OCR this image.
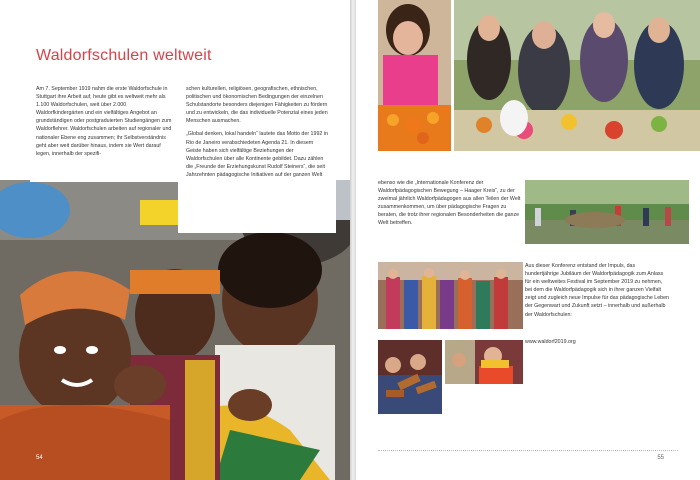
Waldorfschulen weltweit

Am 7. September 1919 nahm die erste Waldorfschule in Stuttgart ihre Arbeit auf, heute gibt es weltweit mehr als 1.100 Waldorfschulen, weit über 2.000 Waldorfkindergärten und ein vielfältiges Angebot an grundständigen oder postgraduierten Studiengängen zum Waldorflehrer. Waldorfschulen arbeiten auf regionaler und nationaler Ebene eng zusammen; ihr Selbstverständnis geht aber weit darüber hinaus, indem sie Wert darauf legen, innerhalb der spezifi-

schen kulturellen, religiösen, geografischen, ethnischen, politischen und ökonomischen Bedingungen der einzelnen Schulstandorte besonders diejenigen Fähigkeiten zu fördern und zu entwickeln, die das individuelle Potenzial eines jeden Menschen ausmachen.

„Global denken, lokal handeln“ lautete das Motto der 1992 in Rio de Janeiro verabschiedeten Agenda 21. In diesem Geiste haben sich vielfältige Beziehungen der Waldorfschulen über alle Kontinente gebildet. Dazu zählen die „Freunde der Erziehungskunst Rudolf Steiners“, die seit Jahrzehnten pädagogische Initiativen auf der ganzen Welt

54

ebenso wie die „Internationale Konferenz der Waldorfpädagogischen Bewegung – Haager Kreis“, zu der zweimal jährlich Waldorfpädagogen aus allen Teilen der Welt zusammenkommen, um über pädagogische Fragen zu beraten, die trotz ihrer regionalen Besonderheiten die ganze Welt betreffen.

Aus dieser Konferenz entstand der Impuls, das hundertjährige Jubiläum der Waldorfpädagogik zum Anlass für ein weltweites Festival im September 2019 zu nehmen, bei dem die Waldorfpädagogik sich in ihrer ganzen Vielfalt zeigt und zugleich neue Impulse für das pädagogische Leben der Gegenwart und Zukunft setzt – innerhalb und außerhalb der Waldorfschulen:

www.waldorf2019.org

55
